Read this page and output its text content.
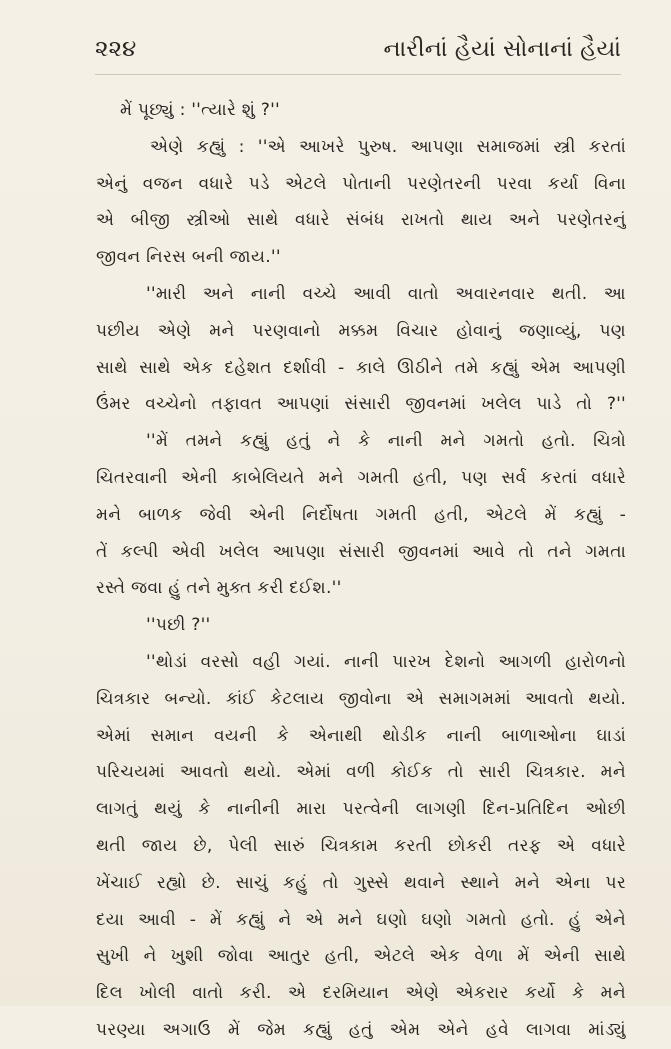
૨૨૪	નારીનાં હૈયાં સોનાનાં હૈયાં
મેં પૂછ્યું : ''ત્યારે શું ?''
એણે કહ્યું : ''એ આખરે પુરુષ. આપણા સમાજમાં સ્ત્રી કરતાં
એનું વજન વધારે પડે એટલે પોતાની પરણેતરની પરવા કર્યા વિના
એ બીજી સ્ત્રીઓ સાથે વધારે સંબંધ રાખતો થાય અને પરણેતરનું
જીવન નિરસ બની જાય.''
''મારી અને નાની વચ્ચે આવી વાતો અવારનવાર થતી. આ
પછીય એણે મને પરણવાનો મક્કમ વિચાર હોવાનું જણાવ્યું, પણ
સાથે સાથે એક દહેશત દર્શાવી - કાલે ઊઠીને તમે કહ્યું એમ આપણી
ઉંમર વચ્ચેનો તફાવત આપણાં સંસારી જીવનમાં ખલેલ પાડે તો ?''
''મેં તમને કહ્યું હતું ને કે નાની મને ગમતો હતો. ચિત્રો
ચિતરવાની એની કાબેલિયતે મને ગમતી હતી, પણ સર્વ કરતાં વધારે
મને બાળક જેવી એની નિર્દોષતા ગમતી હતી, એટલે મેં કહ્યું -
તેં કલ્પી એવી ખલેલ આપણા સંસારી જીવનમાં આવે તો તને ગમતા
રસ્તે જવા હું તને મુક્ત કરી દઈશ.''
''પછી ?''
''થોડાં વરસો વહી ગયાં. નાની પારખ દેશનો આગળી હારોળનો
ચિત્રકાર બન્યો. કાંઈ કેટલાય જીવોના એ સમાગમમાં આવતો થયો.
એમાં સમાન વયની કે એનાથી થોડીક નાની બાળાઓના ઘાડાં
પરિચયમાં આવતો થયો. એમાં વળી કોઈક તો સારી ચિત્રકાર. મને
લાગતું થયું કે નાનીની મારા પરત્વેની લાગણી દિન-પ્રતિદિન ઓછી
થતી જાય છે, પેલી સારું ચિત્રકામ કરતી છોકરી તરફ એ વધારે
ખેંચાઈ રહ્યો છે. સાચું કહું તો ગુસ્સે થવાને સ્થાને મને એના પર
દયા આવી - મેં કહ્યું ને એ મને ઘણો ઘણો ગમતો હતો. હું એને
સુખી ને ખુશી જોવા આતુર હતી, એટલે એક વેળા મેં એની સાથે
દિલ ખોલી વાતો કરી. એ દરમિયાન એણે એકરાર કર્યો કે મને
પરણ્યા અગાઉ મેં જેમ કહ્યું હતું એમ એને હવે લાગવા માંડ્યું
